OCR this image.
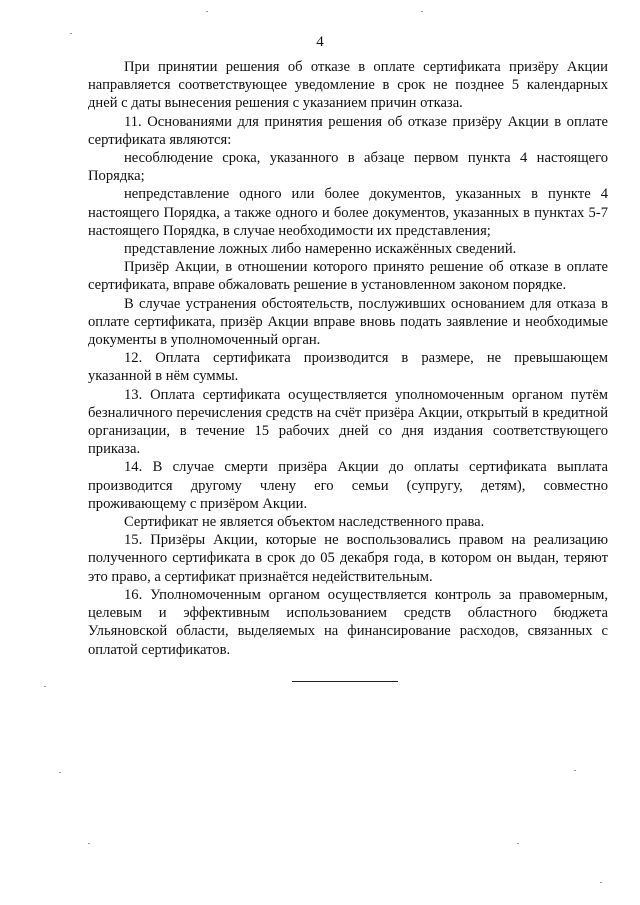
4

При принятии решения об отказе в оплате сертификата призёру Акции направляется соответствующее уведомление в срок не позднее 5 календарных дней с даты вынесения решения с указанием причин отказа.

11. Основаниями для принятия решения об отказе призёру Акции в оплате сертификата являются:

несоблюдение срока, указанного в абзаце первом пункта 4 настоящего Порядка;

непредставление одного или более документов, указанных в пункте 4 настоящего Порядка, а также одного и более документов, указанных в пунктах 5-7 настоящего Порядка, в случае необходимости их представления;

представление ложных либо намеренно искажённых сведений.

Призёр Акции, в отношении которого принято решение об отказе в оплате сертификата, вправе обжаловать решение в установленном законом порядке.

В случае устранения обстоятельств, послуживших основанием для отказа в оплате сертификата, призёр Акции вправе вновь подать заявление и необходимые документы в уполномоченный орган.

12. Оплата сертификата производится в размере, не превышающем указанной в нём суммы.

13. Оплата сертификата осуществляется уполномоченным органом путём безналичного перечисления средств на счёт призёра Акции, открытый в кредитной организации, в течение 15 рабочих дней со дня издания соответствующего приказа.

14. В случае смерти призёра Акции до оплаты сертификата выплата производится другому члену его семьи (супругу, детям), совместно проживающему с призёром Акции.

Сертификат не является объектом наследственного права.

15. Призёры Акции, которые не воспользовались правом на реализацию полученного сертификата в срок до 05 декабря года, в котором он выдан, теряют это право, а сертификат признаётся недействительным.

16. Уполномоченным органом осуществляется контроль за правомерным, целевым и эффективным использованием средств областного бюджета Ульяновской области, выделяемых на финансирование расходов, связанных с оплатой сертификатов.
